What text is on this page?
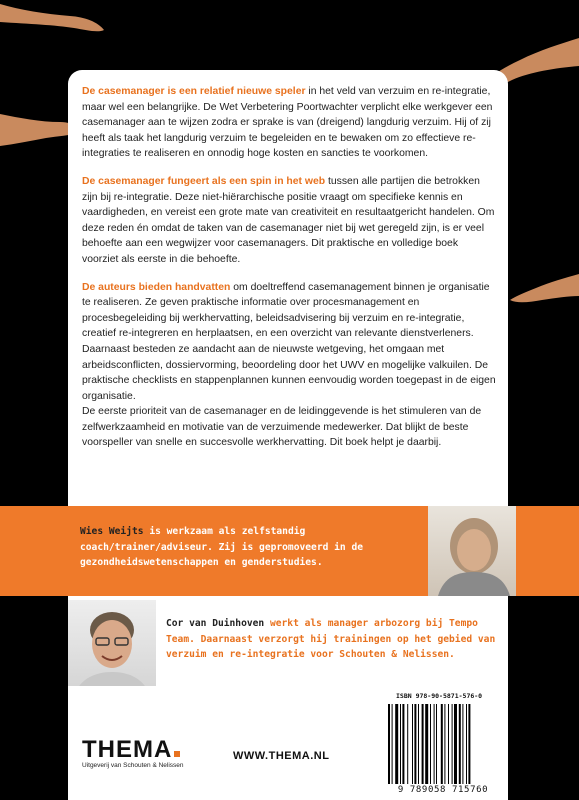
De casemanager is een relatief nieuwe speler in het veld van verzuim en re-integratie, maar wel een belangrijke. De Wet Verbetering Poortwachter verplicht elke werkgever een casemanager aan te wijzen zodra er sprake is van (dreigend) langdurig verzuim. Hij of zij heeft als taak het langdurig verzuim te begeleiden en te bewaken om zo effectieve re-integraties te realiseren en onnodig hoge kosten en sancties te voorkomen.

De casemanager fungeert als een spin in het web tussen alle partijen die betrokken zijn bij re-integratie. Deze niet-hiërarchische positie vraagt om specifieke kennis en vaardigheden, en vereist een grote mate van creativiteit en resultaatgericht handelen. Om deze reden én omdat de taken van de casemanager niet bij wet geregeld zijn, is er veel behoefte aan een wegwijzer voor casemanagers. Dit praktische en volledige boek voorziet als eerste in die behoefte.

De auteurs bieden handvatten om doeltreffend casemanagement binnen je organisatie te realiseren. Ze geven praktische informatie over procesmanagement en procesbegeleiding bij werkhervatting, beleidsadvisering bij verzuim en re-integratie, creatief re-integreren en herplaatsen, en een overzicht van relevante dienstverleners. Daarnaast besteden ze aandacht aan de nieuwste wetgeving, het omgaan met arbeidsconflicten, dossiervorming, beoordeling door het UWV en mogelijke valkuilen. De praktische checklists en stappenplannen kunnen eenvoudig worden toegepast in de eigen organisatie.

De eerste prioriteit van de casemanager en de leidinggevende is het stimuleren van de zelfwerkzaamheid en motivatie van de verzuimende medewerker. Dat blijkt de beste voorspeller van snelle en succesvolle werkhervatting. Dit boek helpt je daarbij.

Wies Weijts is werkzaam als zelfstandig coach/trainer/adviseur. Zij is gepromoveerd in de gezondheidswetenschappen en genderstudies.
Cor van Duinhoven werkt als manager arbozorg bij Tempo Team. Daarnaast verzorgt hij trainingen op het gebied van verzuim en re-integratie voor Schouten & Nelissen.
THEMA
Uitgeverij van Schouten & Nelissen
WWW.THEMA.NL
ISBN 978-90-5871-576-0
9 789058 715760
